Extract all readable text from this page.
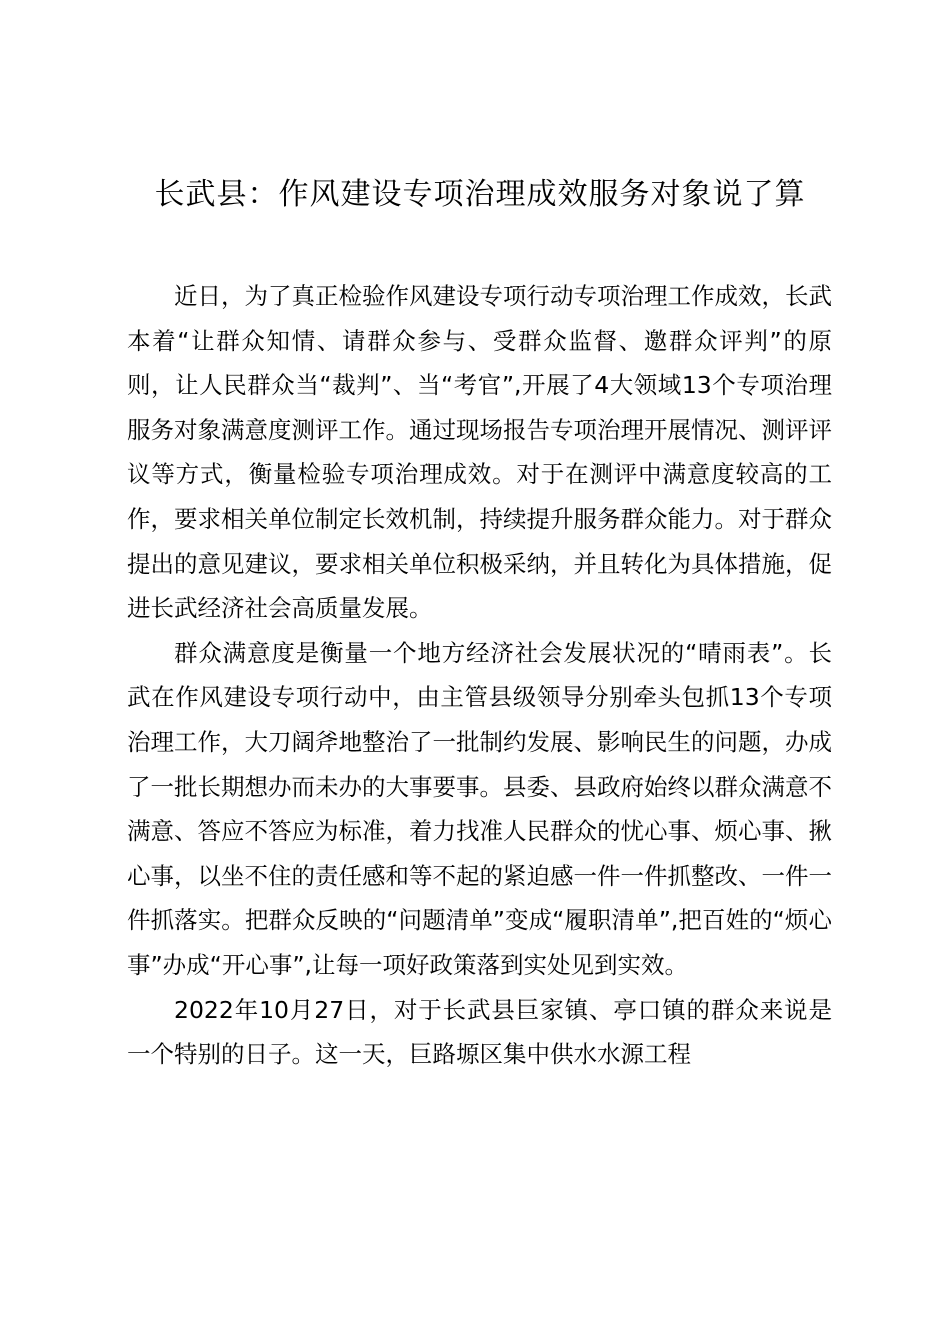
长武县：作风建设专项治理成效服务对象说了算

近日，为了真正检验作风建设专项行动专项治理工作成效，长武本着“让群众知情、请群众参与、受群众监督、邀群众评判”的原则，让人民群众当“裁判”、当“考官”,开展了4大领域13个专项治理服务对象满意度测评工作。通过现场报告专项治理开展情况、测评评议等方式，衡量检验专项治理成效。对于在测评中满意度较高的工作，要求相关单位制定长效机制，持续提升服务群众能力。对于群众提出的意见建议，要求相关单位积极采纳，并且转化为具体措施，促进长武经济社会高质量发展。

群众满意度是衡量一个地方经济社会发展状况的“晴雨表”。长武在作风建设专项行动中，由主管县级领导分别牵头包抓13个专项治理工作，大刀阔斧地整治了一批制约发展、影响民生的问题，办成了一批长期想办而未办的大事要事。县委、县政府始终以群众满意不满意、答应不答应为标准，着力找准人民群众的忧心事、烦心事、揪心事，以坐不住的责任感和等不起的紧迫感一件一件抓整改、一件一件抓落实。把群众反映的“问题清单”变成“履职清单”,把百姓的“烦心事”办成“开心事”,让每一项好政策落到实处见到实效。

2022年10月27日，对于长武县巨家镇、亭口镇的群众来说是一个特别的日子。这一天，巨路塬区集中供水水源工程
